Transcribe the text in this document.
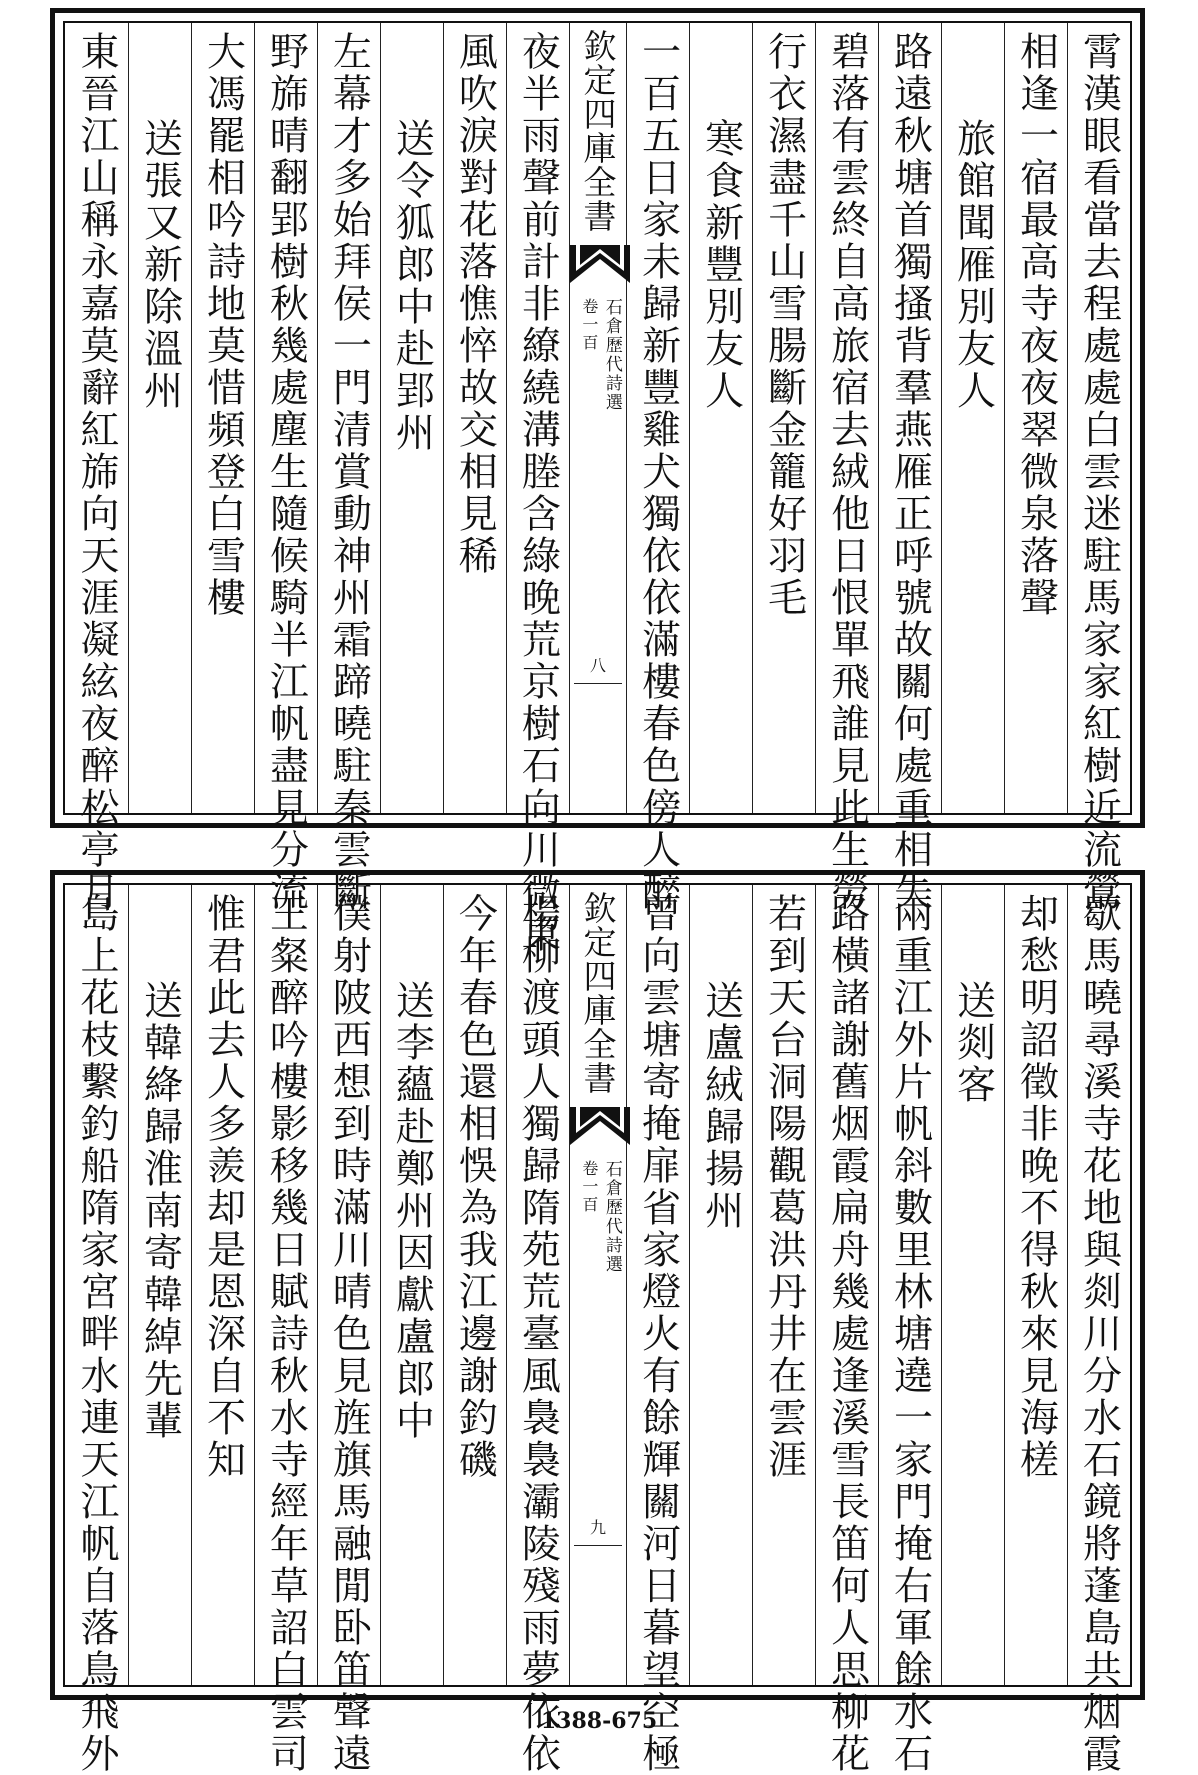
霄漢眼看當去程處處白雲迷駐馬家家紅樹近流鶯
相逢一宿最高寺夜夜翠微泉落聲
旅館聞雁別友人
路遠秋塘首獨搔背羣燕雁正呼號故關何處重相失
碧落有雲終自高旅宿去絨他日恨單飛誰見此生勞
行衣濕盡千山雪腸斷金籠好羽毛
寒食新豐別友人
一百五日家未歸新豐雞犬獨依依滿樓春色傍人醉
欽定四庫全書
石倉歷代詩選
卷一百
八
夜半雨聲前計非繚繞溝塍含綠晚荒京樹石向川微東
風吹淚對花落憔悴故交相見稀
送令狐郎中赴郢州
左幕才多始拜侯一門清賞動神州霜蹄曉駐秦雲斷
野旆晴翻郢樹秋幾處塵生隨候騎半江帆盡見分流
大馮罷相吟詩地莫惜頻登白雪樓
送張又新除溫州
東晉江山稱永嘉莫辭紅旆向天涯凝絃夜醉松亭月
歇馬曉尋溪寺花地與剡川分水石鏡將蓬島共烟霞
却愁明詔徵非晚不得秋來見海槎
送剡客
兩重江外片帆斜數里林塘遶一家門掩右軍餘水石
路橫諸謝舊烟霞扁舟幾處逢溪雪長笛何人思柳花
若到天台洞陽觀葛洪丹井在雲涯
送盧絨歸揚州
曾向雲塘寄掩扉省家燈火有餘輝關河日暮望空極
欽定四庫全書
石倉歷代詩選
卷一百
九
楊柳渡頭人獨歸隋苑荒臺風裊裊灞陵殘雨夢依依
今年春色還相悞為我江邊謝釣磯
送李蘊赴鄭州因獻盧郎中
僕射陂西想到時滿川晴色見旌旗馬融閒卧笛聲遠
王粲醉吟樓影移幾日賦詩秋水寺經年草詔白雲司
惟君此去人多羨却是恩深自不知
送韓絳歸淮南寄韓綽先輩
島上花枝繫釣船隋家宮畔水連天江帆自落鳥飛外	1388-675
